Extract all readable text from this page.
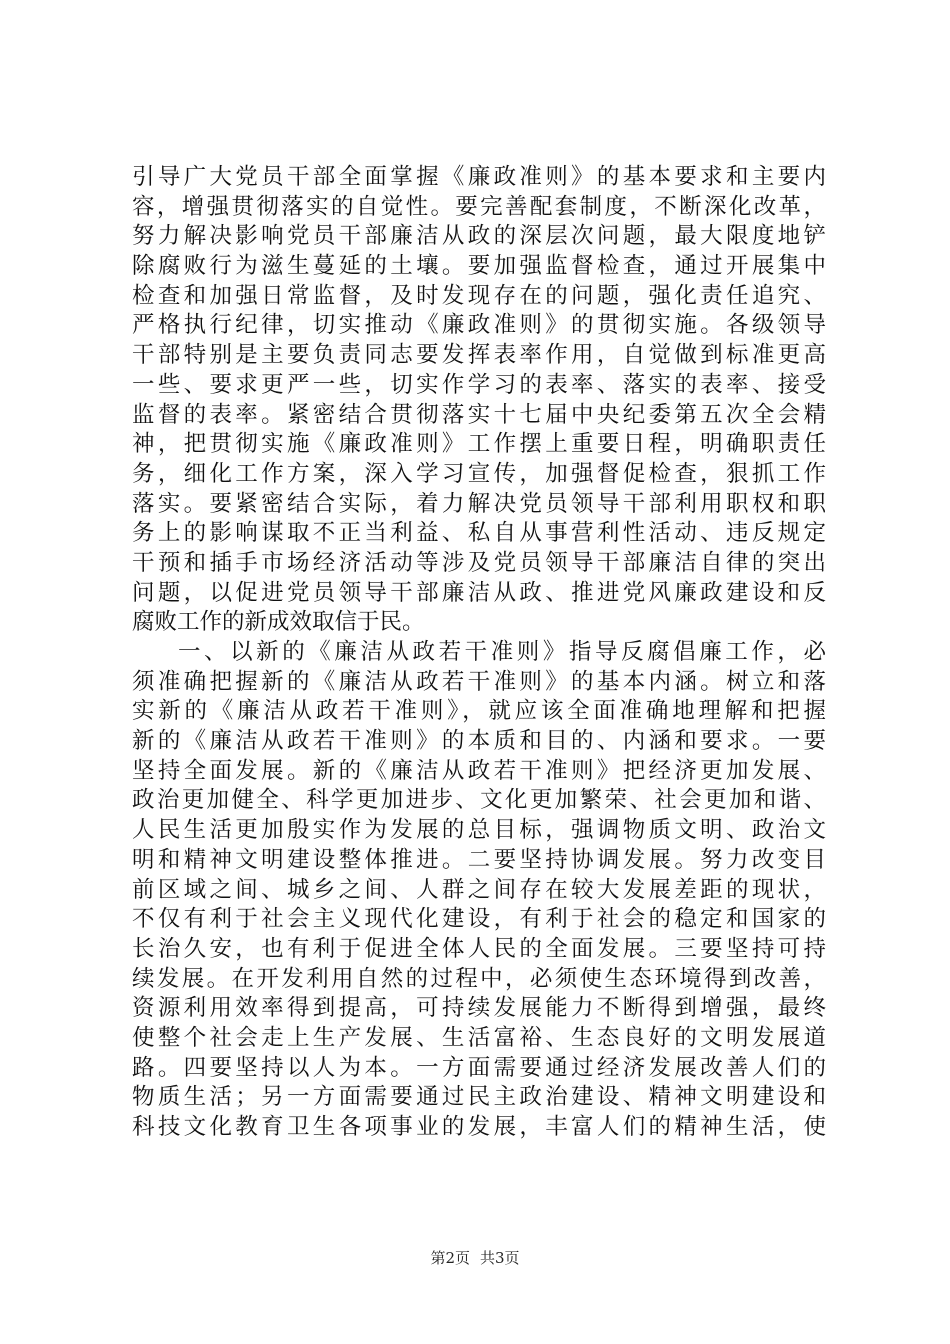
引导广大党员干部全面掌握《廉政准则》的基本要求和主要内
容，增强贯彻落实的自觉性。要完善配套制度，不断深化改革，
努力解决影响党员干部廉洁从政的深层次问题，最大限度地铲
除腐败行为滋生蔓延的土壤。要加强监督检查，通过开展集中
检查和加强日常监督，及时发现存在的问题，强化责任追究、
严格执行纪律，切实推动《廉政准则》的贯彻实施。各级领导
干部特别是主要负责同志要发挥表率作用，自觉做到标准更高
一些、要求更严一些，切实作学习的表率、落实的表率、接受
监督的表率。紧密结合贯彻落实十七届中央纪委第五次全会精
神，把贯彻实施《廉政准则》工作摆上重要日程，明确职责任
务，细化工作方案，深入学习宣传，加强督促检查，狠抓工作
落实。要紧密结合实际，着力解决党员领导干部利用职权和职
务上的影响谋取不正当利益、私自从事营利性活动、违反规定
干预和插手市场经济活动等涉及党员领导干部廉洁自律的突出
问题，以促进党员领导干部廉洁从政、推进党风廉政建设和反
腐败工作的新成效取信于民。
一、以新的《廉洁从政若干准则》指导反腐倡廉工作，必
须准确把握新的《廉洁从政若干准则》的基本内涵。树立和落
实新的《廉洁从政若干准则》，就应该全面准确地理解和把握
新的《廉洁从政若干准则》的本质和目的、内涵和要求。一要
坚持全面发展。新的《廉洁从政若干准则》把经济更加发展、
政治更加健全、科学更加进步、文化更加繁荣、社会更加和谐、
人民生活更加殷实作为发展的总目标，强调物质文明、政治文
明和精神文明建设整体推进。二要坚持协调发展。努力改变目
前区域之间、城乡之间、人群之间存在较大发展差距的现状，
不仅有利于社会主义现代化建设，有利于社会的稳定和国家的
长治久安，也有利于促进全体人民的全面发展。三要坚持可持
续发展。在开发利用自然的过程中，必须使生态环境得到改善，
资源利用效率得到提高，可持续发展能力不断得到增强，最终
使整个社会走上生产发展、生活富裕、生态良好的文明发展道
路。四要坚持以人为本。一方面需要通过经济发展改善人们的
物质生活；另一方面需要通过民主政治建设、精神文明建设和
科技文化教育卫生各项事业的发展，丰富人们的精神生活，使
第2页 共3页
